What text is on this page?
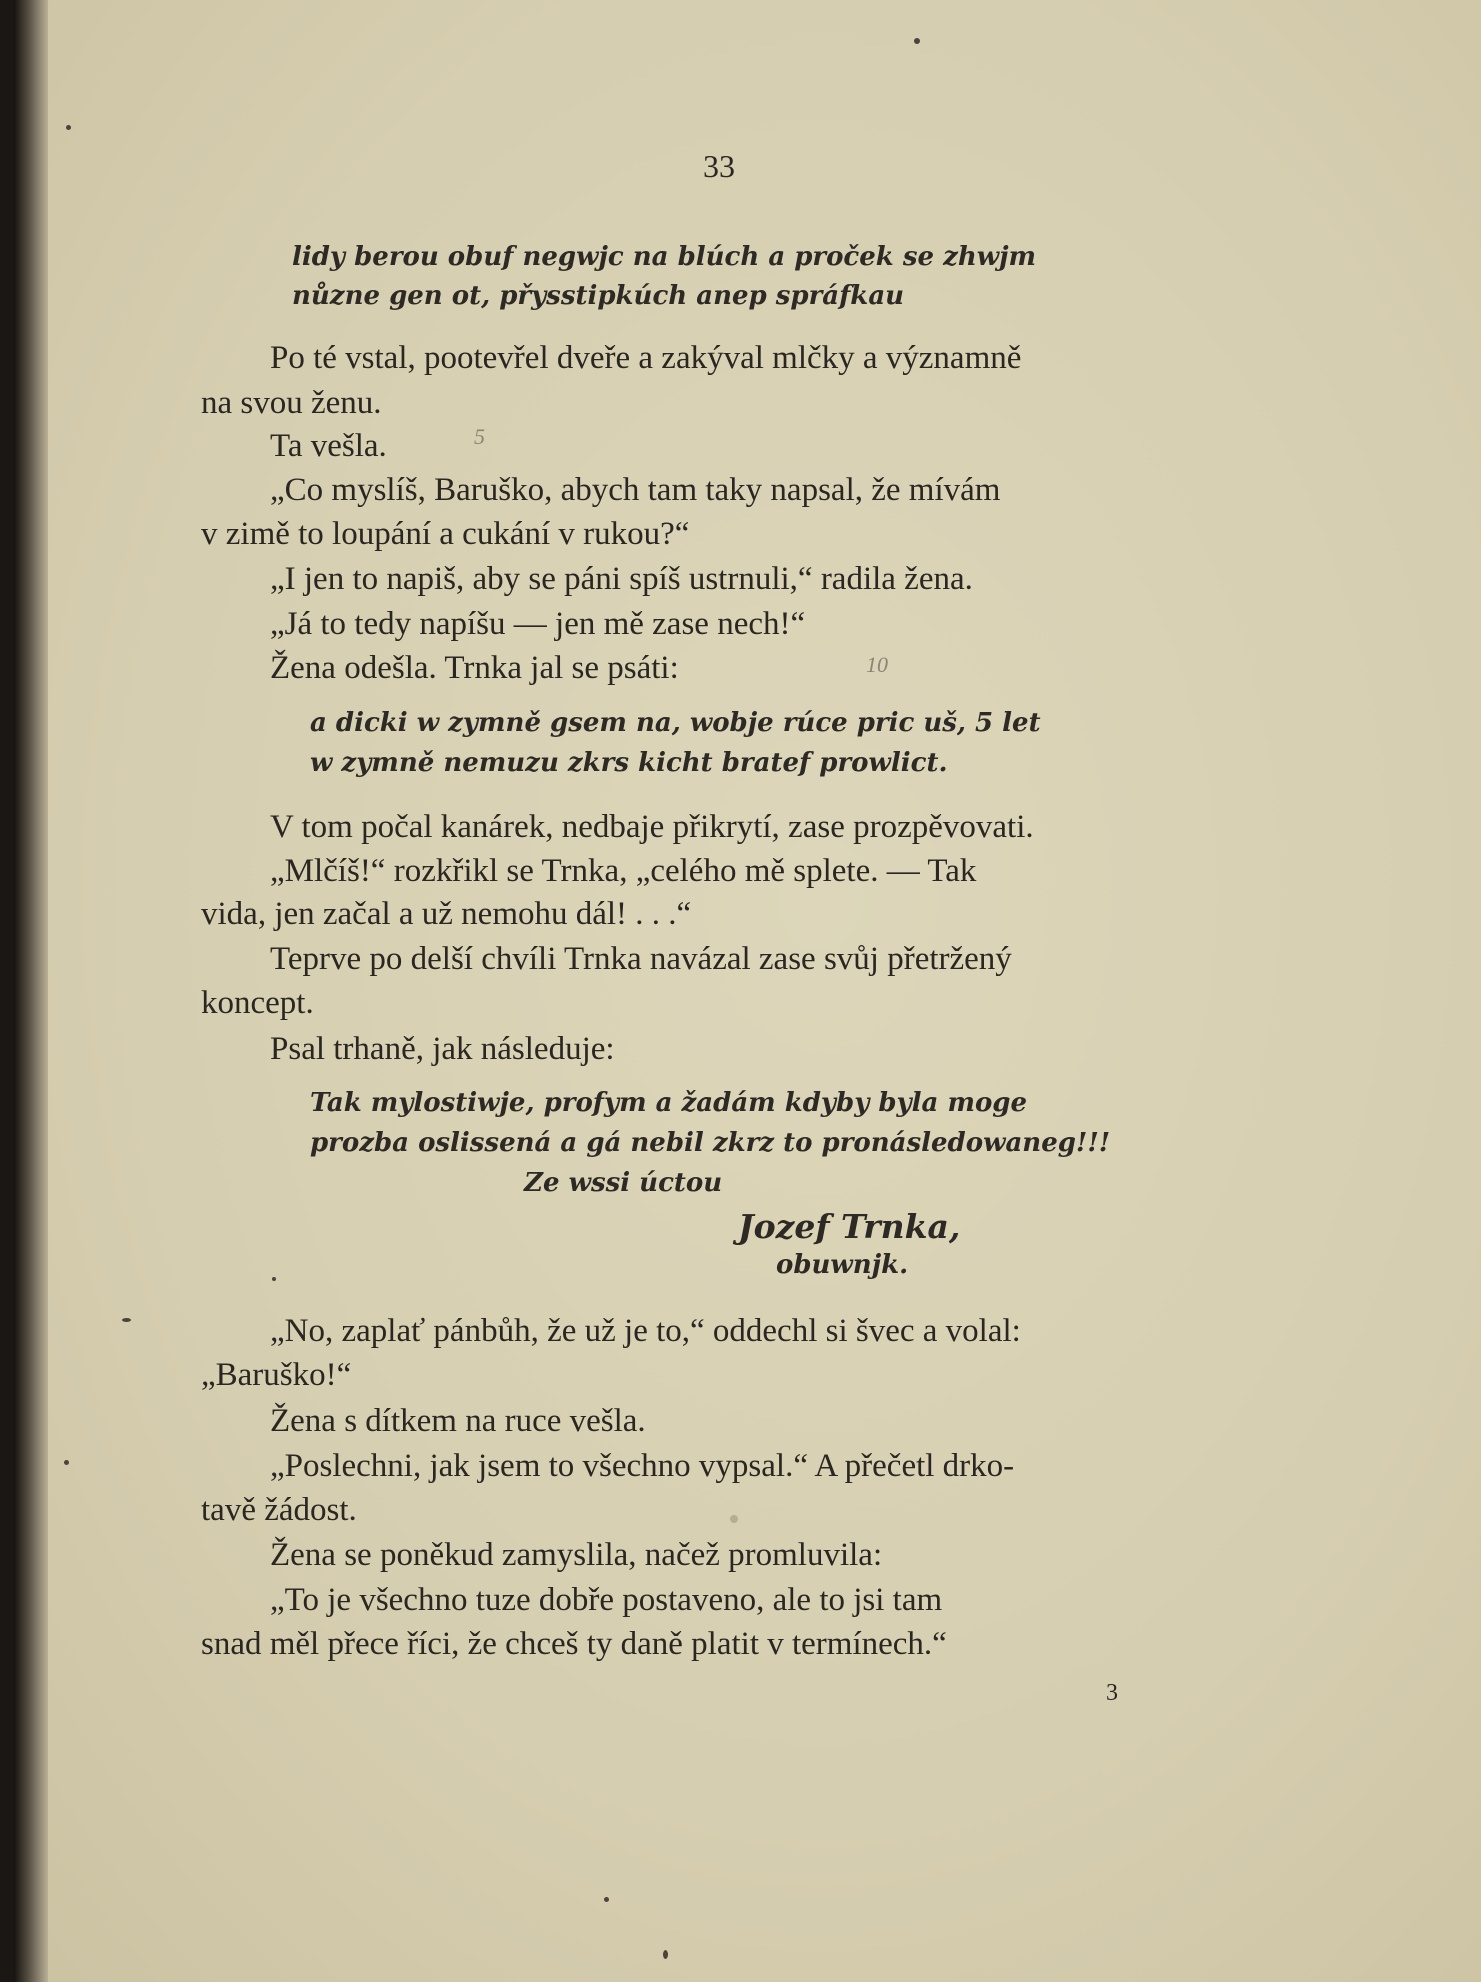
33
lidy berou obuf negwjc na blúch a proček se zhwjm
nůzne gen ot, přysstipkúch anep spráfkau
Po té vstal, pootevřel dveře a zakýval mlčky a významně
na svou ženu.
Ta vešla.
„Co myslíš, Baruško, abych tam taky napsal, že mívám
v zimě to loupání a cukání v rukou?“
„I jen to napiš, aby se páni spíš ustrnuli,“ radila žena.
„Já to tedy napíšu — jen mě zase nech!“
Žena odešla. Trnka jal se psáti:
a dicki w zymně gsem na, wobje rúce pric uš, 5 let
w zymně nemuzu zkrs kicht bratef prowlict.
V tom počal kanárek, nedbaje přikrytí, zase prozpěvovati.
„Mlčíš!“ rozkřikl se Trnka, „celého mě splete. — Tak
vida, jen začal a už nemohu dál! . . .“
Teprve po delší chvíli Trnka navázal zase svůj přetržený
koncept.
Psal trhaně, jak následuje:
Tak mylostiwje, profym a žadám kdyby byla moge
prozba oslisseпá a gá nebil zkrz to pronásledowaneg!!!
Ze wssi úctou
Jozef Trnka,
obuwnjk.
„No, zaplať pánbůh, že už je to,“ oddechl si švec a volal:
„Baruško!“
Žena s dítkem na ruce vešla.
„Poslechni, jak jsem to všechno vypsal.“ A přečetl drko-
tavě žádost.
Žena se poněkud zamyslila, načež promluvila:
„To je všechno tuze dobře postaveno, ale to jsi tam
snad měl přece říci, že chceš ty daně platit v termínech.“
3
5
10
